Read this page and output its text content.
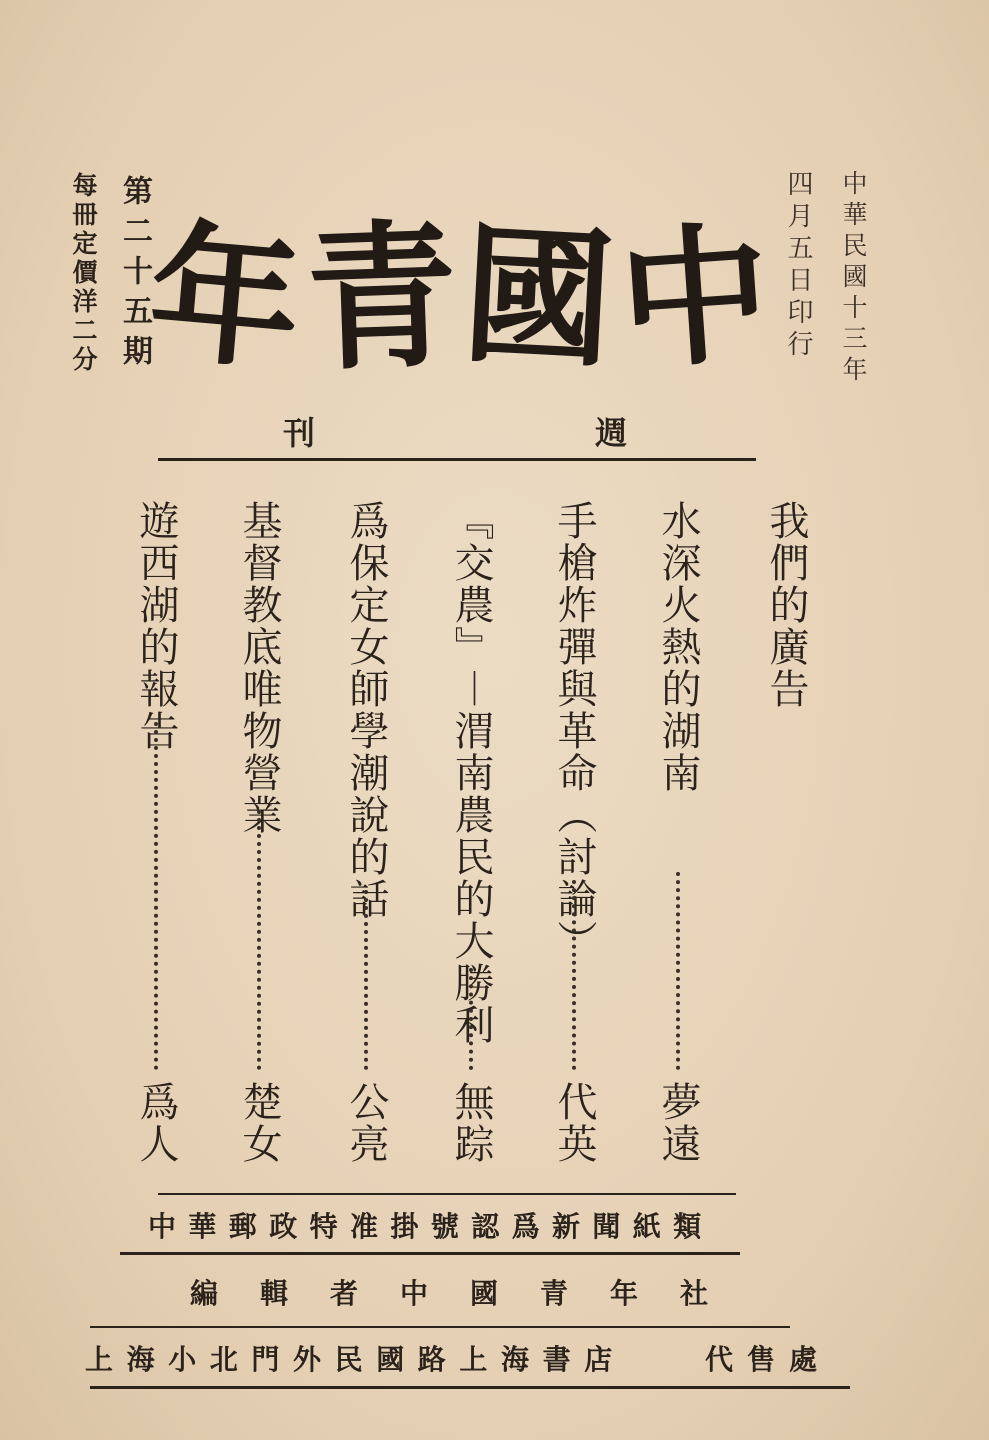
中華民國十三年
四月五日印行
第二十五期
每冊定價洋二分	中
國
青
年
週
刊
我們的廣告
水深火熱的湖南
夢遠
手槍炸彈與革命︵討論︶
代英
﹃交農﹄︱渭南農民的大勝利
無踪
爲保定女師學潮說的話
公亮
基督教底唯物營業
楚女
遊西湖的報告
爲人
中華郵政特准掛號認爲新聞紙類
編輯者中國青年社
代售處
上海小北門外民國路上海書店
